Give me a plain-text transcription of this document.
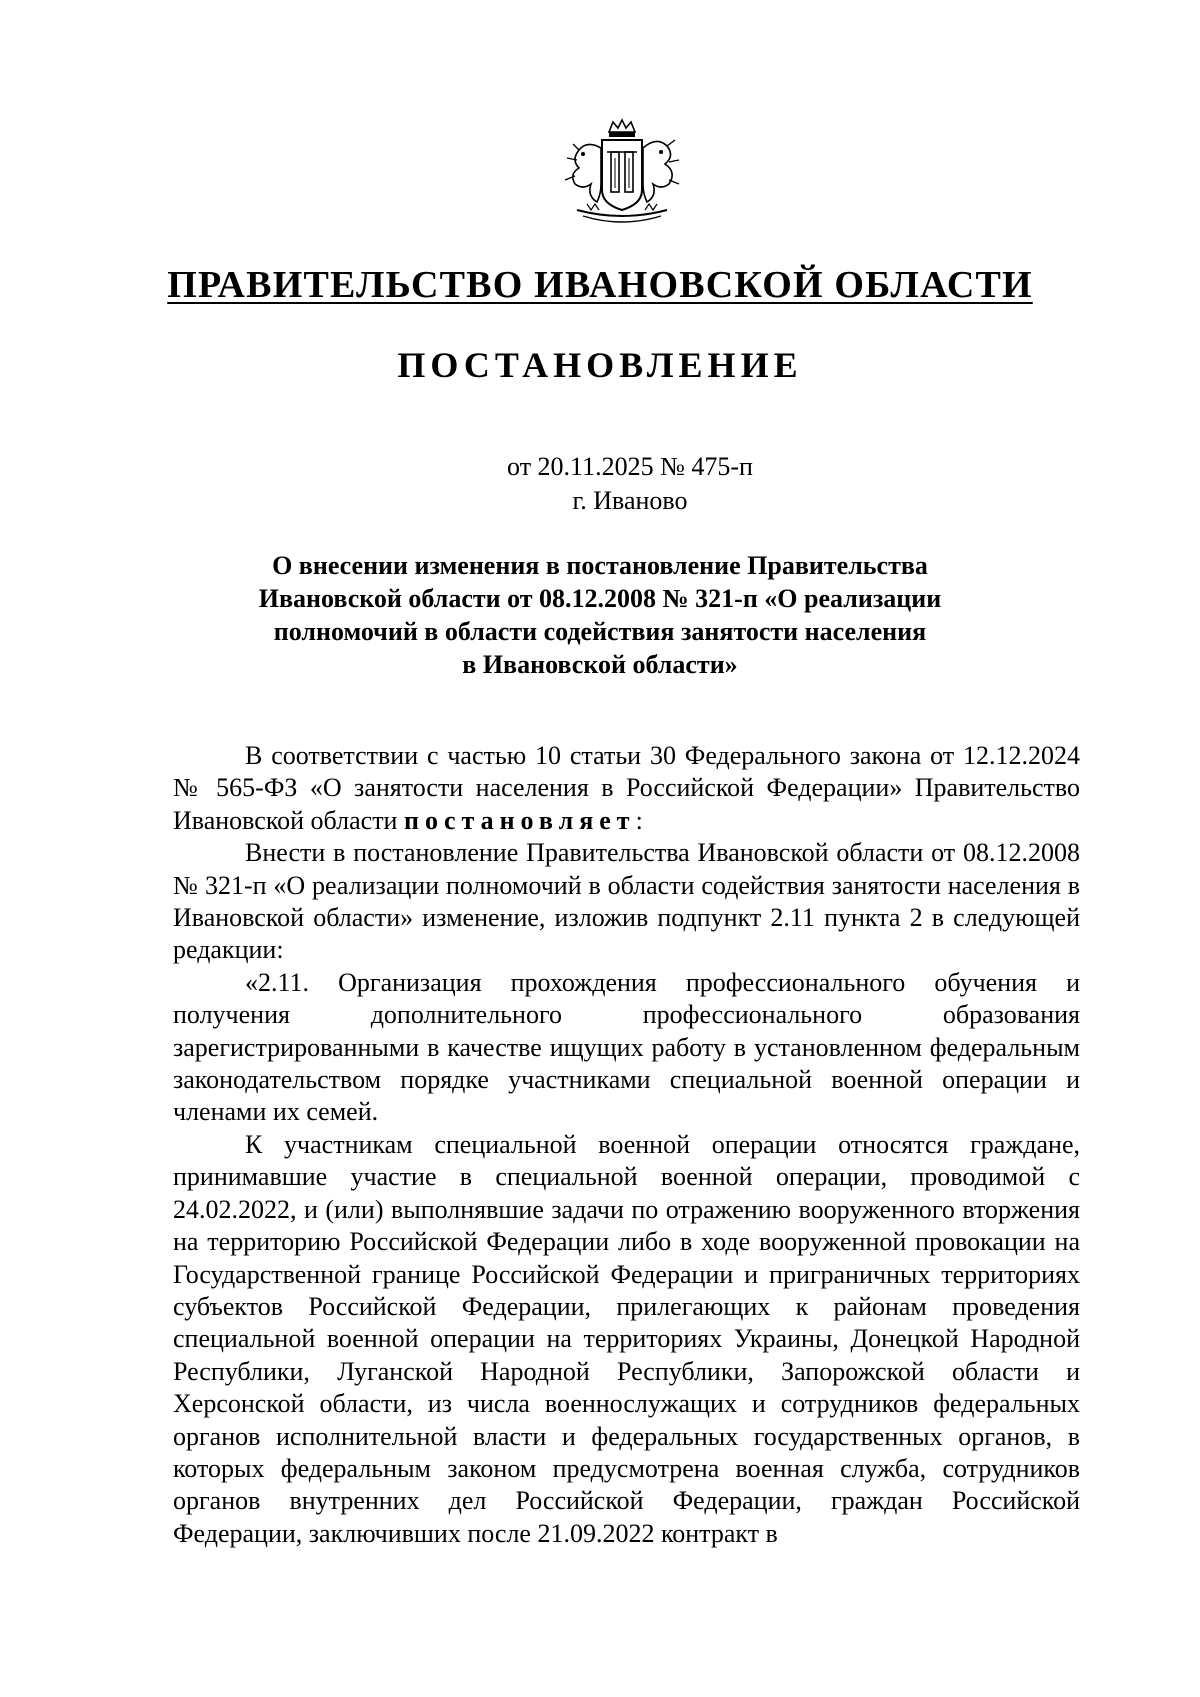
ПРАВИТЕЛЬСТВО ИВАНОВСКОЙ ОБЛАСТИ
ПОСТАНОВЛЕНИЕ
от 20.11.2025 № 475-п
г. Иваново
О внесении изменения в постановление Правительства
Ивановской области от 08.12.2008 № 321-п «О реализации
полномочий в области содействия занятости населения
в Ивановской области»

В соответствии с частью 10 статьи 30 Федерального закона от 12.12.2024 № 565-ФЗ «О занятости населения в Российской Федерации» Правительство Ивановской области постановляет:

Внести в постановление Правительства Ивановской области от 08.12.2008 № 321-п «О реализации полномочий в области содействия занятости населения в Ивановской области» изменение, изложив подпункт 2.11 пункта 2 в следующей редакции:

«2.11. Организация прохождения профессионального обучения и получения дополнительного профессионального образования зарегистрированными в качестве ищущих работу в установленном федеральным законодательством порядке участниками специальной военной операции и членами их семей.

К участникам специальной военной операции относятся граждане, принимавшие участие в специальной военной операции, проводимой с 24.02.2022, и (или) выполнявшие задачи по отражению вооруженного вторжения на территорию Российской Федерации либо в ходе вооруженной провокации на Государственной границе Российской Федерации и приграничных территориях субъектов Российской Федерации, прилегающих к районам проведения специальной военной операции на территориях Украины, Донецкой Народной Республики, Луганской Народной Республики, Запорожской области и Херсонской области, из числа военнослужащих и сотрудников федеральных органов исполнительной власти и федеральных государственных органов, в которых федеральным законом предусмотрена военная служба, сотрудников органов внутренних дел Российской Федерации, граждан Российской Федерации, заключивших после 21.09.2022 контракт в
